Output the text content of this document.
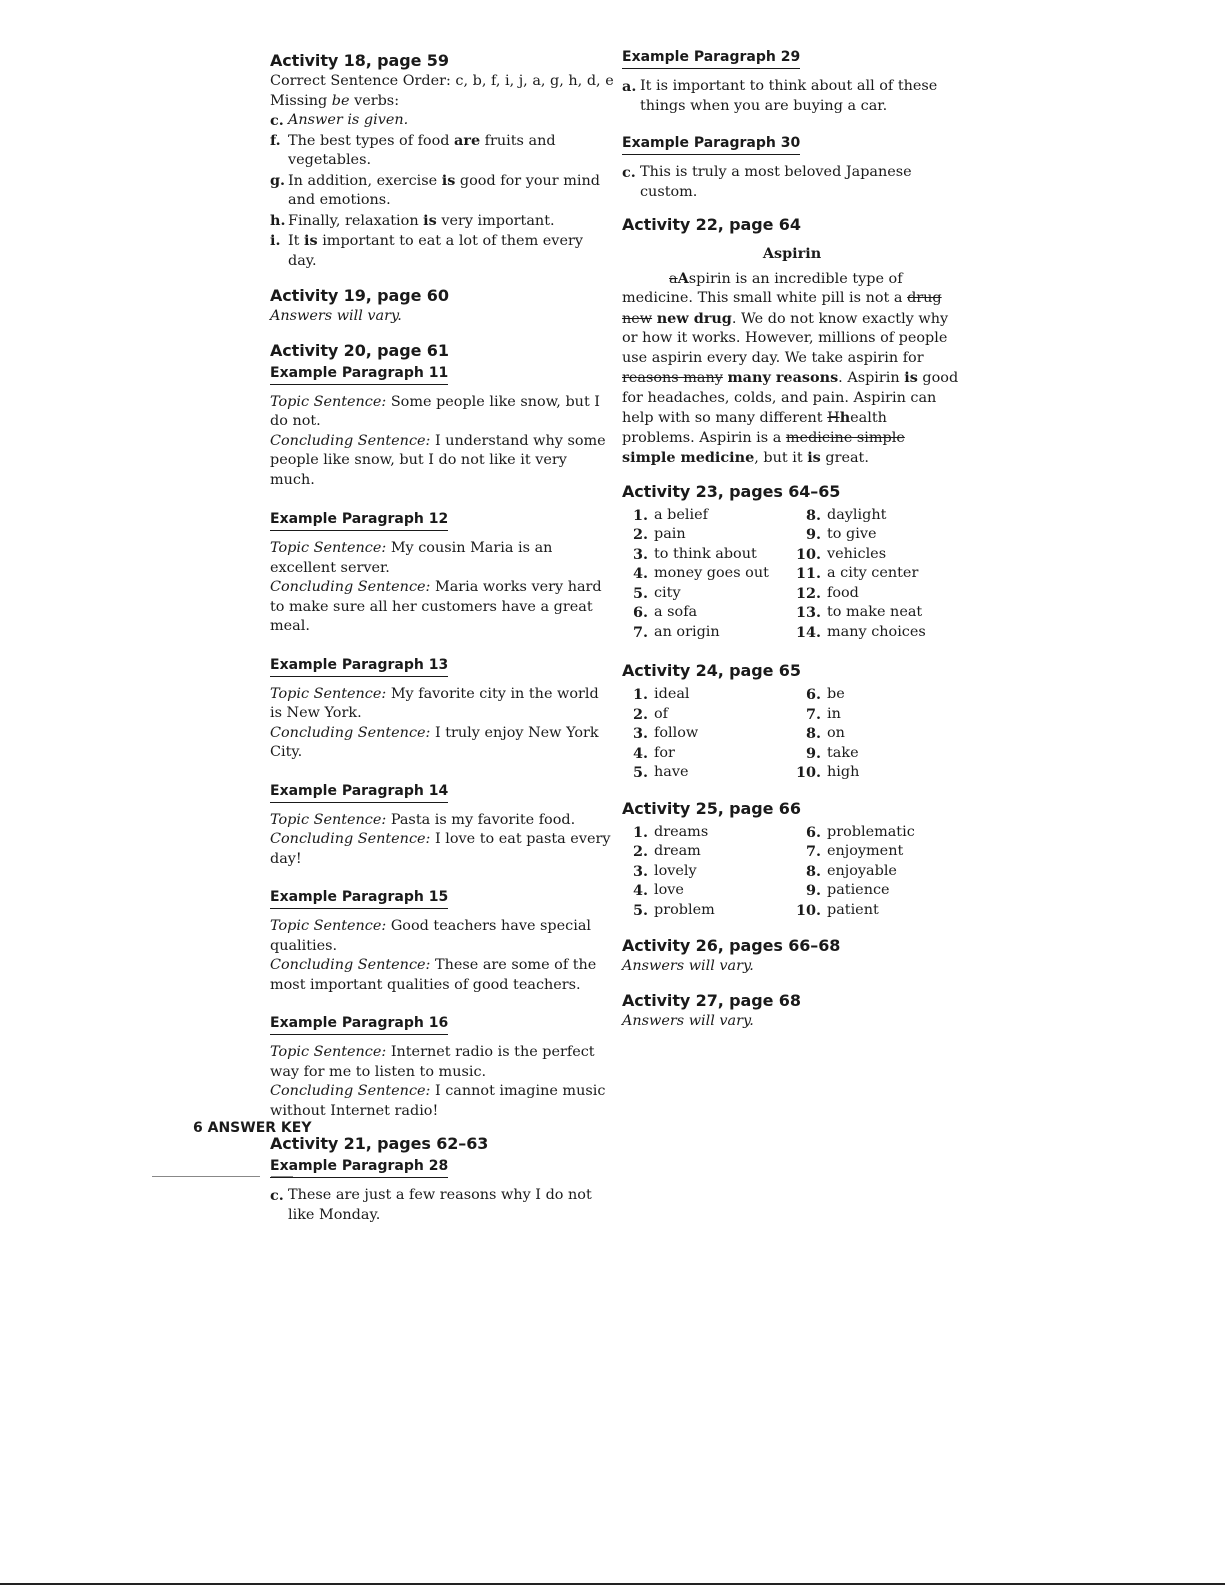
Activity 18, page 59

Correct Sentence Order: c, b, f, i, j, a, g, h, d, e

Missing be verbs:

c. Answer is given.
f. The best types of food are fruits and vegetables.
g. In addition, exercise is good for your mind and emotions.
h. Finally, relaxation is very important.
i. It is important to eat a lot of them every day.
Activity 19, page 60
Answers will vary.
Activity 20, page 61
Example Paragraph 11

Topic Sentence: Some people like snow, but I do not.

Concluding Sentence: I understand why some people like snow, but I do not like it very much.

Example Paragraph 12

Topic Sentence: My cousin Maria is an excellent server.

Concluding Sentence: Maria works very hard to make sure all her customers have a great meal.

Example Paragraph 13

Topic Sentence: My favorite city in the world is New York.

Concluding Sentence: I truly enjoy New York City.

Example Paragraph 14

Topic Sentence: Pasta is my favorite food.

Concluding Sentence: I love to eat pasta every day!

Example Paragraph 15

Topic Sentence: Good teachers have special qualities.

Concluding Sentence: These are some of the most important qualities of good teachers.

Example Paragraph 16

Topic Sentence: Internet radio is the perfect way for me to listen to music.

Concluding Sentence: I cannot imagine music without Internet radio!

Activity 21, pages 62–63
Example Paragraph 28
c. These are just a few reasons why I do not like Monday.
Example Paragraph 29
a. It is important to think about all of these things when you are buying a car.
Example Paragraph 30
c. This is truly a most beloved Japanese custom.
Activity 22, page 64
Aspirin
aAspirin is an incredible type of medicine. This small white pill is not a drug new new drug. We do not know exactly why or how it works. However, millions of people use aspirin every day. We take aspirin for reasons many many reasons. Aspirin is good for headaches, colds, and pain. Aspirin can help with so many different Hhealth problems. Aspirin is a medicine simple simple medicine, but it is great.
Activity 23, pages 64–65
1. a belief
2. pain
3. to think about
4. money goes out
5. city
6. a sofa
7. an origin
8. daylight
9. to give
10. vehicles
11. a city center
12. food
13. to make neat
14. many choices
Activity 24, page 65
1. ideal
2. of
3. follow
4. for
5. have
6. be
7. in
8. on
9. take
10. high
Activity 25, page 66
1. dreams
2. dream
3. lovely
4. love
5. problem
6. problematic
7. enjoyment
8. enjoyable
9. patience
10. patient
Activity 26, pages 66–68
Answers will vary.
Activity 27, page 68
Answers will vary.
6 ANSWER KEY
